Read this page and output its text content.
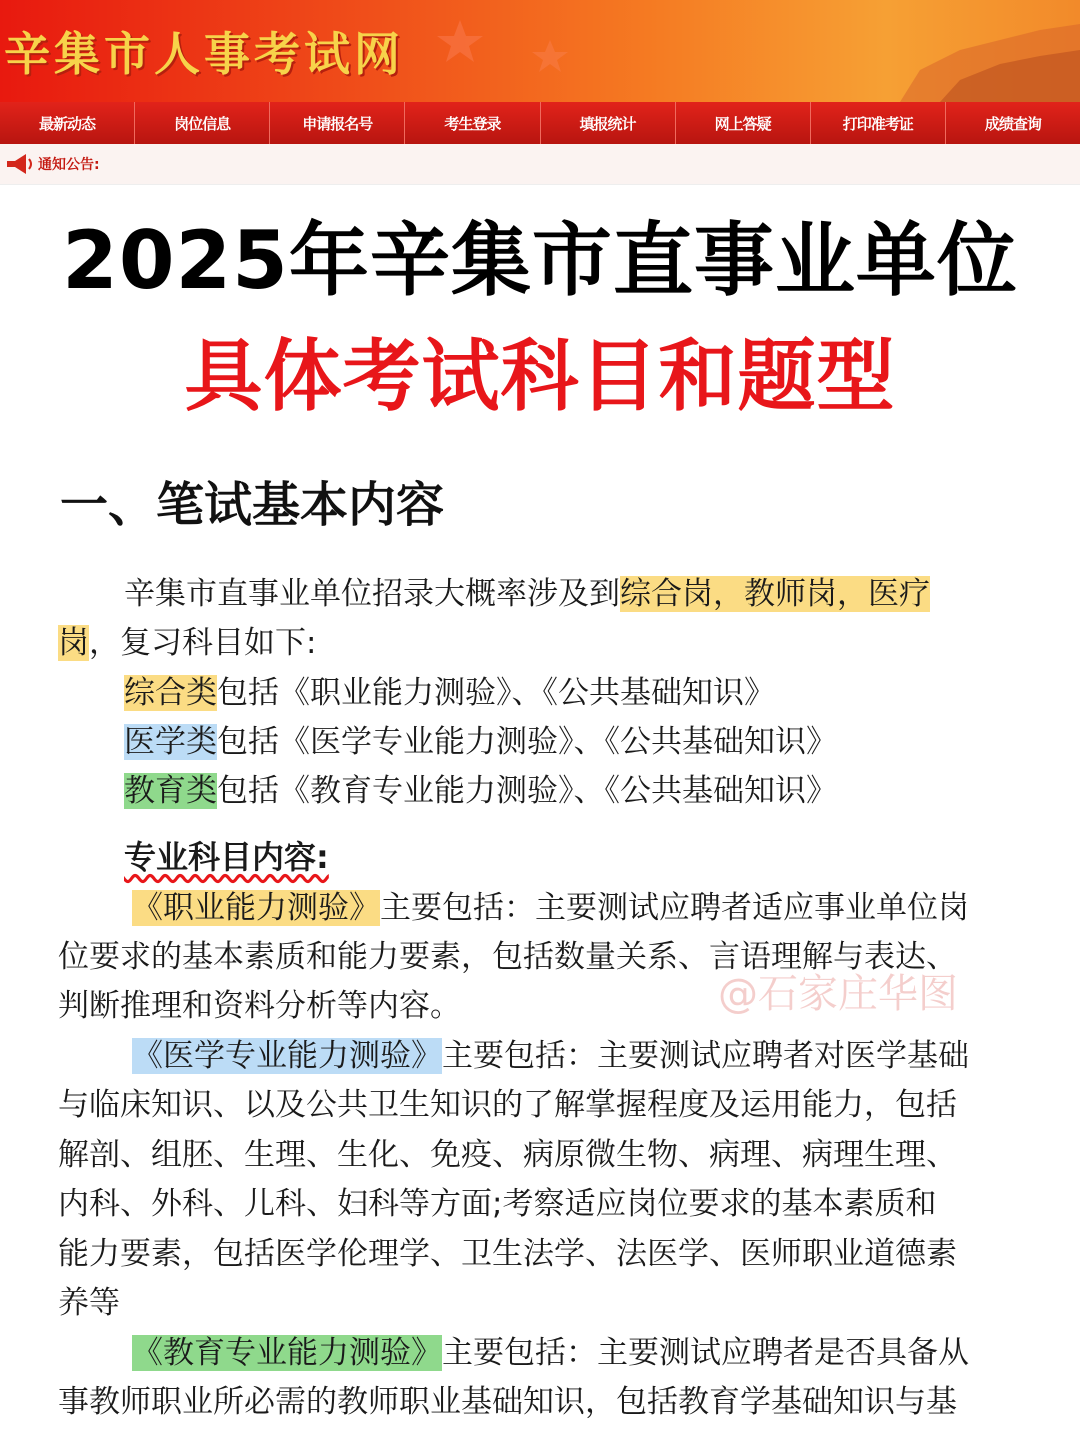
辛集市人事考试网
最新动态	岗位信息	申请报名号	考生登录	填报统计	网上答疑	打印准考证	成绩查询
通知公告:
2025年辛集市直事业单位
具体考试科目和题型
一、笔试基本内容
辛集市直事业单位招录大概率涉及到综合岗，教师岗，医疗
岗，复习科目如下:
综合类包括《职业能力测验》、《公共基础知识》
医学类包括《医学专业能力测验》、《公共基础知识》
教育类包括《教育专业能力测验》、《公共基础知识》
专业科目内容:
《职业能力测验》主要包括：主要测试应聘者适应事业单位岗
位要求的基本素质和能力要素，包括数量关系、言语理解与表达、
判断推理和资料分析等内容。
《医学专业能力测验》主要包括：主要测试应聘者对医学基础
与临床知识、以及公共卫生知识的了解掌握程度及运用能力，包括
解剖、组胚、生理、生化、免疫、病原微生物、病理、病理生理、
内科、外科、儿科、妇科等方面;考察适应岗位要求的基本素质和
能力要素，包括医学伦理学、卫生法学、法医学、医师职业道德素
养等
《教育专业能力测验》主要包括：主要测试应聘者是否具备从
事教师职业所必需的教师职业基础知识，包括教育学基础知识与基
@石家庄华图
